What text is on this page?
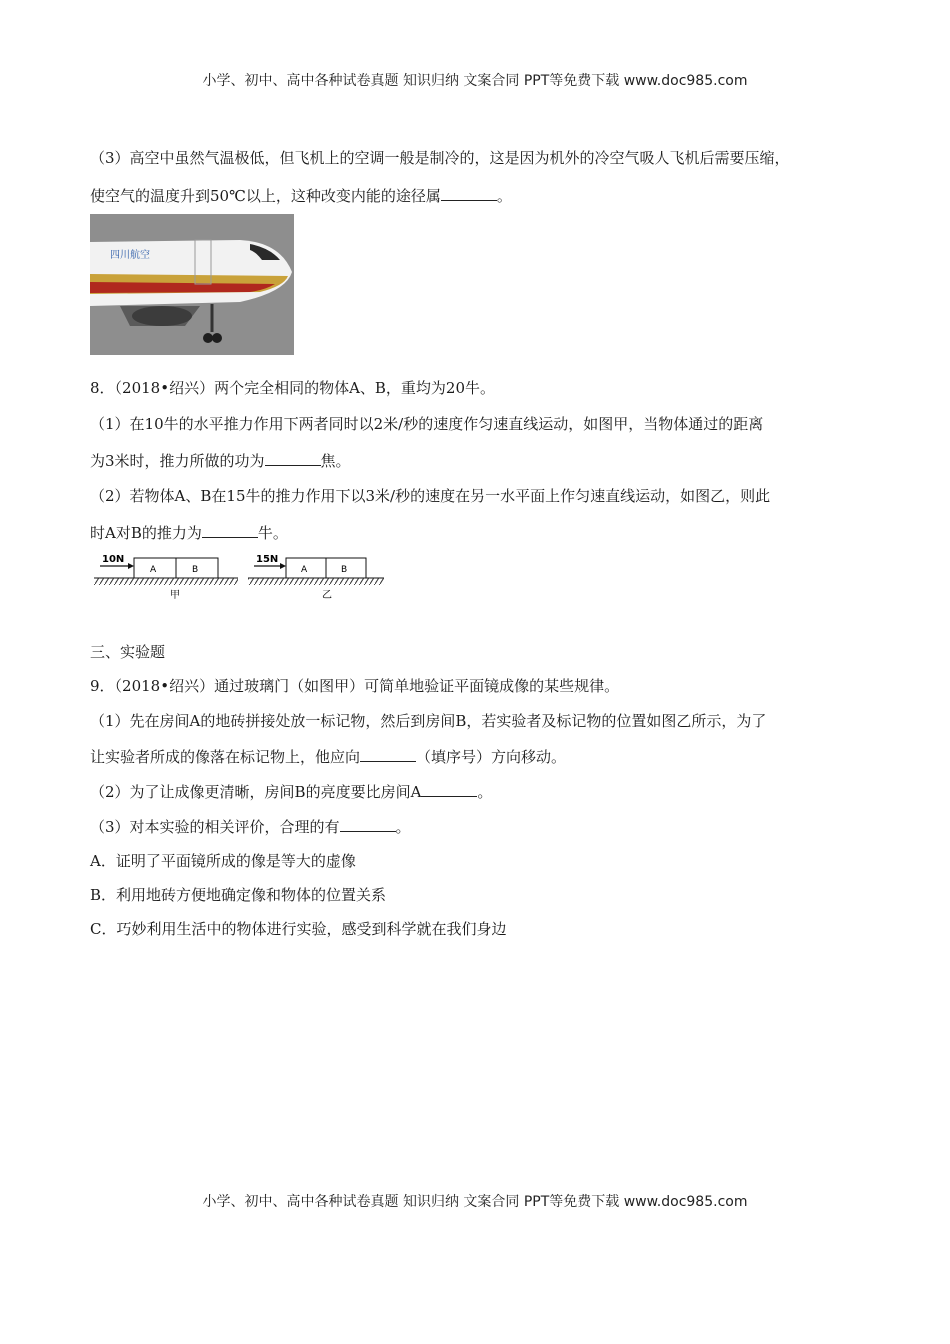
小学、初中、高中各种试卷真题 知识归纳 文案合同 PPT等免费下载 www.doc985.com
（3）高空中虽然气温极低，但飞机上的空调一般是制冷的，这是因为机外的冷空气吸人飞机后需要压缩，
使空气的温度升到50℃以上，这种改变内能的途径属	。
四川航空
8．（2018•绍兴）两个完全相同的物体A、B，重均为20牛。
（1）在10牛的水平推力作用下两者同时以2米/秒的速度作匀速直线运动，如图甲，当物体通过的距离
为3米时，推力所做的功为	焦。
（2）若物体A、B在15牛的推力作用下以3米/秒的速度在另一水平面上作匀速直线运动，如图乙，则此
时A对B的推力为	牛。
10N
A	B
甲
15N
A	B
乙
三、实验题
9．（2018•绍兴）通过玻璃门（如图甲）可简单地验证平面镜成像的某些规律。
（1）先在房间A的地砖拼接处放一标记物，然后到房间B，若实验者及标记物的位置如图乙所示，为了
让实验者所成的像落在标记物上，他应向	（填序号）方向移动。
（2）为了让成像更清晰，房间B的亮度要比房间A	。
（3）对本实验的相关评价，合理的有	。
A．证明了平面镜所成的像是等大的虚像
B．利用地砖方便地确定像和物体的位置关系
C．巧妙利用生活中的物体进行实验，感受到科学就在我们身边
小学、初中、高中各种试卷真题 知识归纳 文案合同 PPT等免费下载 www.doc985.com
